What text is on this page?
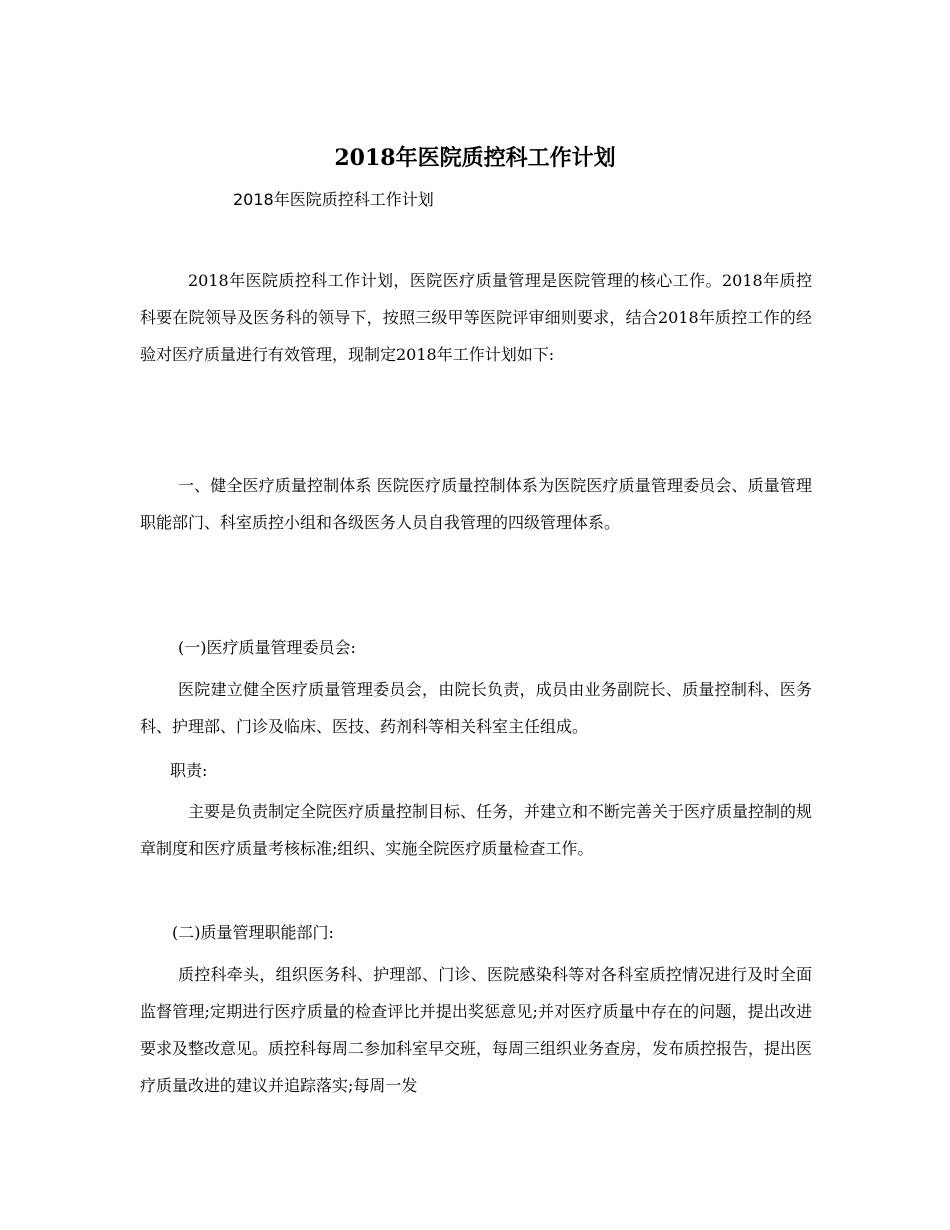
2018年医院质控科工作计划

2018年医院质控科工作计划

2018年医院质控科工作计划，医院医疗质量管理是医院管理的核心工作。2018年质控科要在院领导及医务科的领导下，按照三级甲等医院评审细则要求，结合2018年质控工作的经验对医疗质量进行有效管理，现制定2018年工作计划如下:

一、健全医疗质量控制体系 医院医疗质量控制体系为医院医疗质量管理委员会、质量管理职能部门、科室质控小组和各级医务人员自我管理的四级管理体系。

(一)医疗质量管理委员会:

医院建立健全医疗质量管理委员会，由院长负责，成员由业务副院长、质量控制科、医务科、护理部、门诊及临床、医技、药剂科等相关科室主任组成。

职责:

主要是负责制定全院医疗质量控制目标、任务，并建立和不断完善关于医疗质量控制的规章制度和医疗质量考核标准;组织、实施全院医疗质量检查工作。

(二)质量管理职能部门:

质控科牵头，组织医务科、护理部、门诊、医院感染科等对各科室质控情况进行及时全面监督管理;定期进行医疗质量的检查评比并提出奖惩意见;并对医疗质量中存在的问题，提出改进要求及整改意见。质控科每周二参加科室早交班，每周三组织业务查房，发布质控报告，提出医疗质量改进的建议并追踪落实;每周一发
